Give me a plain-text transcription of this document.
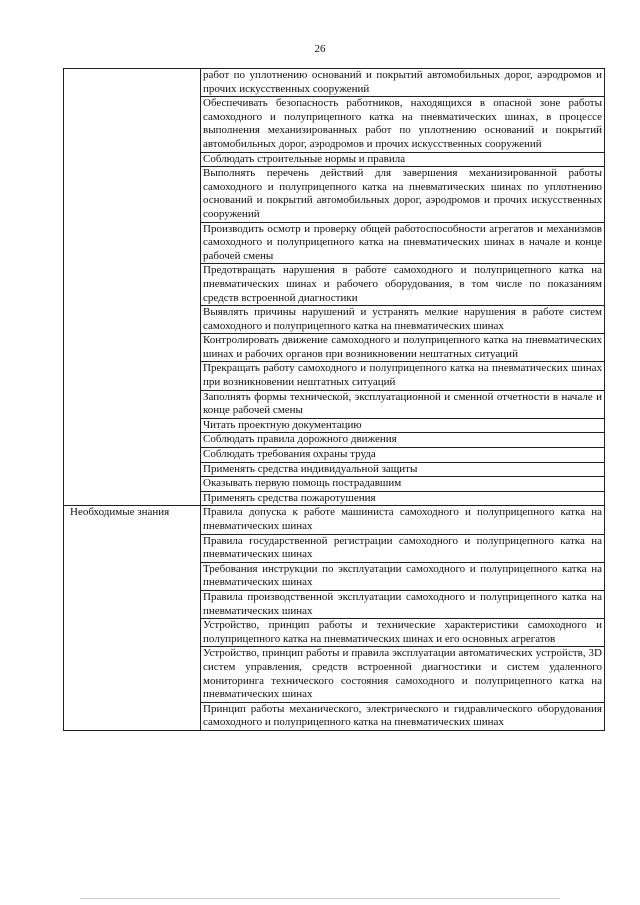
26
	работ по уплотнению оснований и покрытий автомобильных дорог, аэродромов и прочих искусственных сооружений
	Обеспечивать безопасность работников, находящихся в опасной зоне работы самоходного и полуприцепного катка на пневматических шинах, в процессе выполнения механизированных работ по уплотнению оснований и покрытий автомобильных дорог, аэродромов и прочих искусственных сооружений
	Соблюдать строительные нормы и правила
	Выполнять перечень действий для завершения механизированной работы самоходного и полуприцепного катка на пневматических шинах по уплотнению оснований и покрытий автомобильных дорог, аэродромов и прочих искусственных сооружений
	Производить осмотр и проверку общей работоспособности агрегатов и механизмов самоходного и полуприцепного катка на пневматических шинах в начале и конце рабочей смены
	Предотвращать нарушения в работе самоходного и полуприцепного катка на пневматических шинах и рабочего оборудования, в том числе по показаниям средств встроенной диагностики
	Выявлять причины нарушений и устранять мелкие нарушения в работе систем самоходного и полуприцепного катка на пневматических шинах
	Контролировать движение самоходного и полуприцепного катка на пневматических шинах и рабочих органов при возникновении нештатных ситуаций
	Прекращать работу самоходного и полуприцепного катка на пневматических шинах при возникновении нештатных ситуаций
	Заполнять формы технической, эксплуатационной и сменной отчетности в начале и конце рабочей смены
	Читать проектную документацию
	Соблюдать правила дорожного движения
	Соблюдать требования охраны труда
	Применять средства индивидуальной защиты
	Оказывать первую помощь пострадавшим
	Применять средства пожаротушения

Необходимые знания	Правила допуска к работе машиниста самоходного и полуприцепного катка на пневматических шинах
	Правила государственной регистрации самоходного и полуприцепного катка на пневматических шинах
	Требования инструкции по эксплуатации самоходного и полуприцепного катка на пневматических шинах
	Правила производственной эксплуатации самоходного и полуприцепного катка на пневматических шинах
	Устройство, принцип работы и технические характеристики самоходного и полуприцепного катка на пневматических шинах и его основных агрегатов
	Устройство, принцип работы и правила эксплуатации автоматических устройств, 3D систем управления, средств встроенной диагностики и систем удаленного мониторинга технического состояния самоходного и полуприцепного катка на пневматических шинах
	Принцип работы механического, электрического и гидравлического оборудования самоходного и полуприцепного катка на пневматических шинах
